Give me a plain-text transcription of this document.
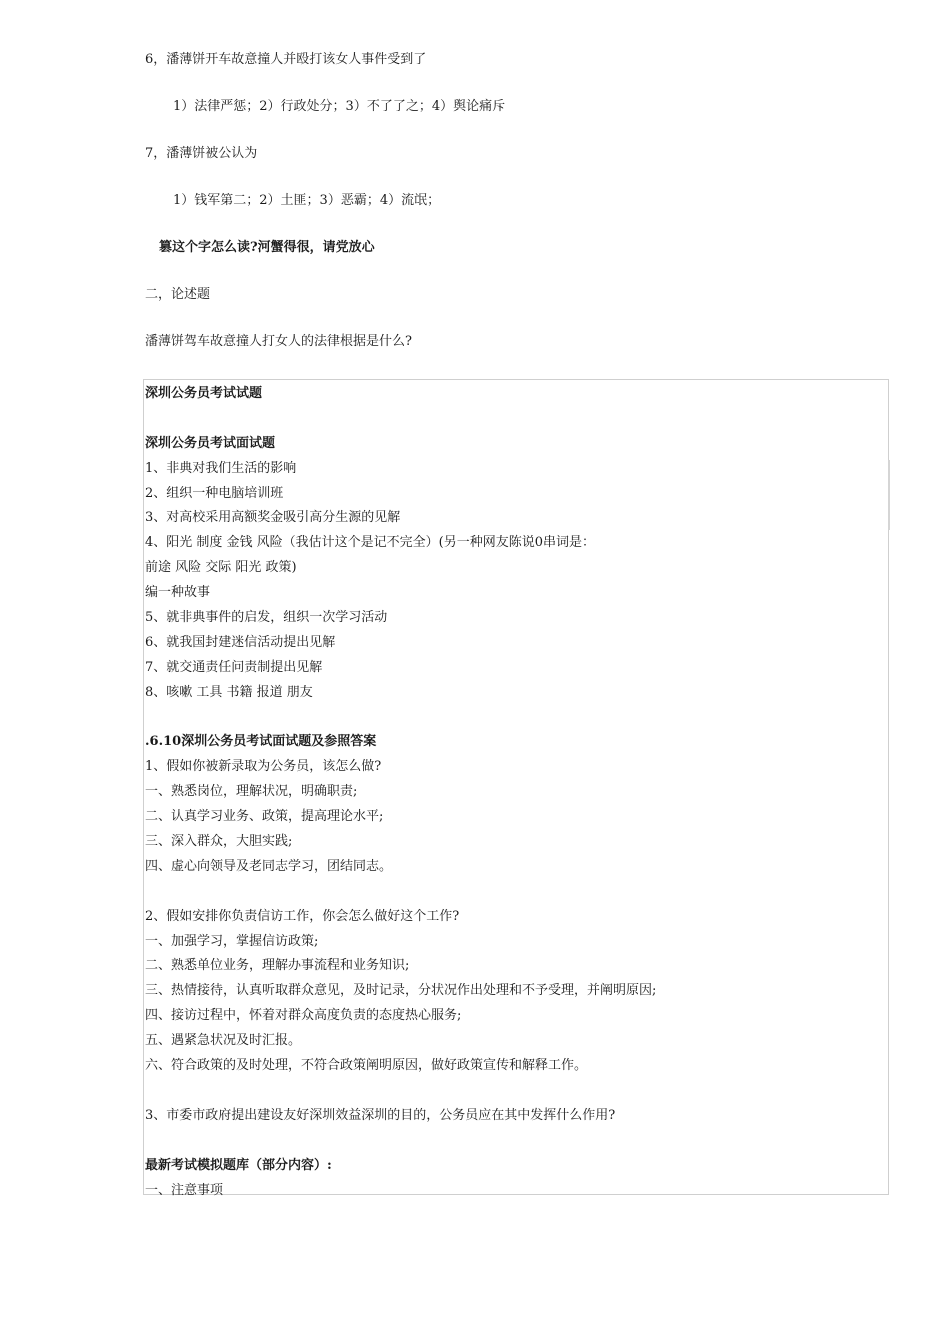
6，潘薄饼开车故意撞人并殴打该女人事件受到了
1）法律严惩；2）行政处分；3）不了了之；4）舆论痛斥
7，潘薄饼被公认为
1）钱军第二；2）土匪；3）恶霸；4）流氓；
篡这个字怎么读?河蟹得很，请党放心
二，论述题
潘薄饼驾车故意撞人打女人的法律根据是什么?
深圳公务员考试试题
深圳公务员考试面试题
1、非典对我们生活的影响
2、组织一种电脑培训班
3、对高校采用高额奖金吸引高分生源的见解
4、阳光 制度 金钱 风险（我估计这个是记不完全）(另一种网友陈说0串词是：
前途 风险 交际 阳光 政策)
编一种故事
5、就非典事件的启发，组织一次学习活动
6、就我国封建迷信活动提出见解
7、就交通责任问责制提出见解
8、咳嗽 工具 书籍 报道 朋友
.6.10深圳公务员考试面试题及参照答案
1、假如你被新录取为公务员，该怎么做?
一、熟悉岗位，理解状况，明确职责;
二、认真学习业务、政策，提高理论水平;
三、深入群众，大胆实践;
四、虚心向领导及老同志学习，团结同志。
2、假如安排你负责信访工作，你会怎么做好这个工作?
一、加强学习，掌握信访政策;
二、熟悉单位业务，理解办事流程和业务知识;
三、热情接待，认真听取群众意见，及时记录，分状况作出处理和不予受理，并阐明原因;
四、接访过程中，怀着对群众高度负责的态度热心服务;
五、遇紧急状况及时汇报。
六、符合政策的及时处理，不符合政策阐明原因，做好政策宣传和解释工作。
3、市委市政府提出建设友好深圳效益深圳的目的，公务员应在其中发挥什么作用?
最新考试模拟题库（部分内容）:
一、注意事项
